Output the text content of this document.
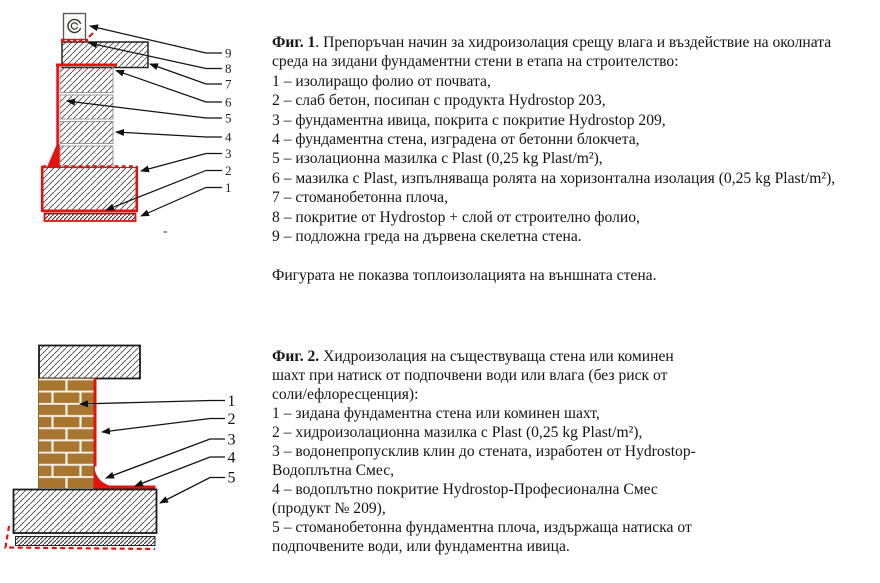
9
8
7
6
5
4
3
2
1
-
1
2
3
4
5
Фиг. 1. Препоръчан начин за хидроизолация срещу влага и въздействие на околната
среда на зидани фундаментни стени в етапа на строителство:
1 – изолиращо фолио от почвата,
2 – слаб бетон, посипан с продукта Hydrostop 203,
3 – фундаментна ивица, покрита с покритие Hydrostop 209,
4 – фундаментна стена, изградена от бетонни блокчета,
5 – изолационна мазилка с Plast (0,25 kg Plast/m²),
6 – мазилка с Plast, изпълняваща ролята на хоризонтална изолация (0,25 kg Plast/m²),
7 – стоманобетонна плоча,
8 – покритие от Hydrostop + слой от строително фолио,
9 – подложна греда на дървена скелетна стена.
Фигурата не показва топлоизолацията на външната стена.
Фиг. 2. Хидроизолация на съществуваща стена или коминен
шахт при натиск от подпочвени води или влага (без риск от
соли/ефлоресценция):
1 – зидана фундаментна стена или коминен шахт,
2 – хидроизолационна мазилка с Plast (0,25 kg Plast/m²),
3 – водонепропусклив клин до стената, изработен от Hydrostop-
Водоплътна Смес,
4 – водоплътно покритие Hydrostop-Професионална Смес
(продукт № 209),
5 – стоманобетонна фундаментна плоча, издържаща натиска от
подпочвените води, или фундаментна ивица.
